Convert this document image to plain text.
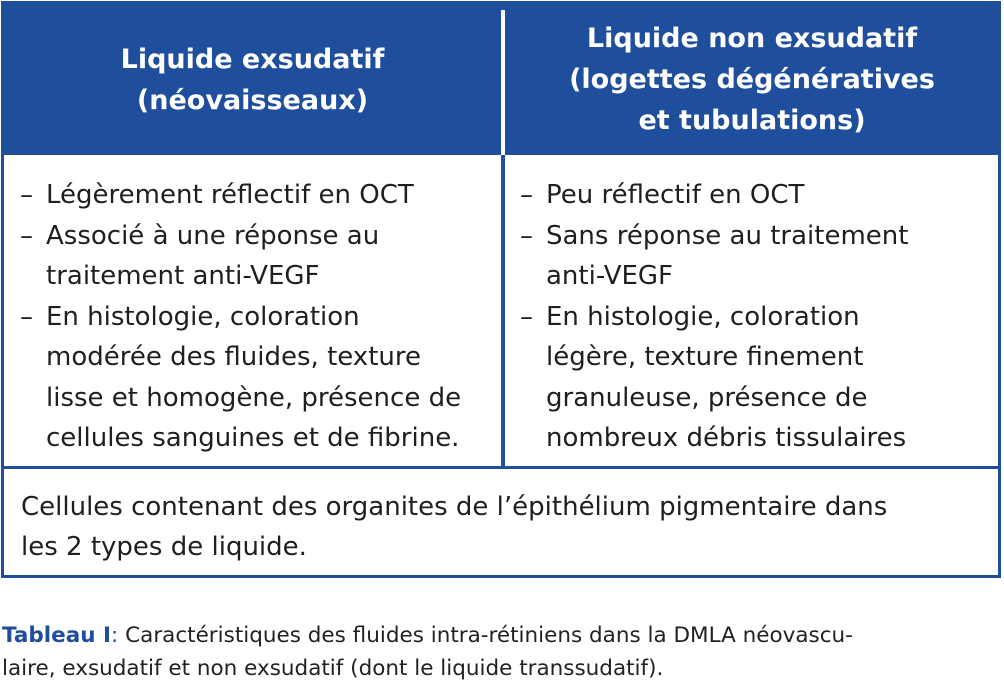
Liquide exsudatif
(néovaisseaux)
Liquide non exsudatif
(logettes dégénératives
et tubulations)
– Légèrement réflectif en OCT
– Associé à une réponse au
traitement anti-VEGF
– En histologie, coloration
modérée des fluides, texture
lisse et homogène, présence de
cellules sanguines et de fibrine.
– Peu réflectif en OCT
– Sans réponse au traitement
anti-VEGF
– En histologie, coloration
légère, texture finement
granuleuse, présence de
nombreux débris tissulaires
Cellules contenant des organites de l’épithélium pigmentaire dans
les 2 types de liquide.
Tableau I: Caractéristiques des fluides intra-rétiniens dans la DMLA néovascu-
laire, exsudatif et non exsudatif (dont le liquide transsudatif).
